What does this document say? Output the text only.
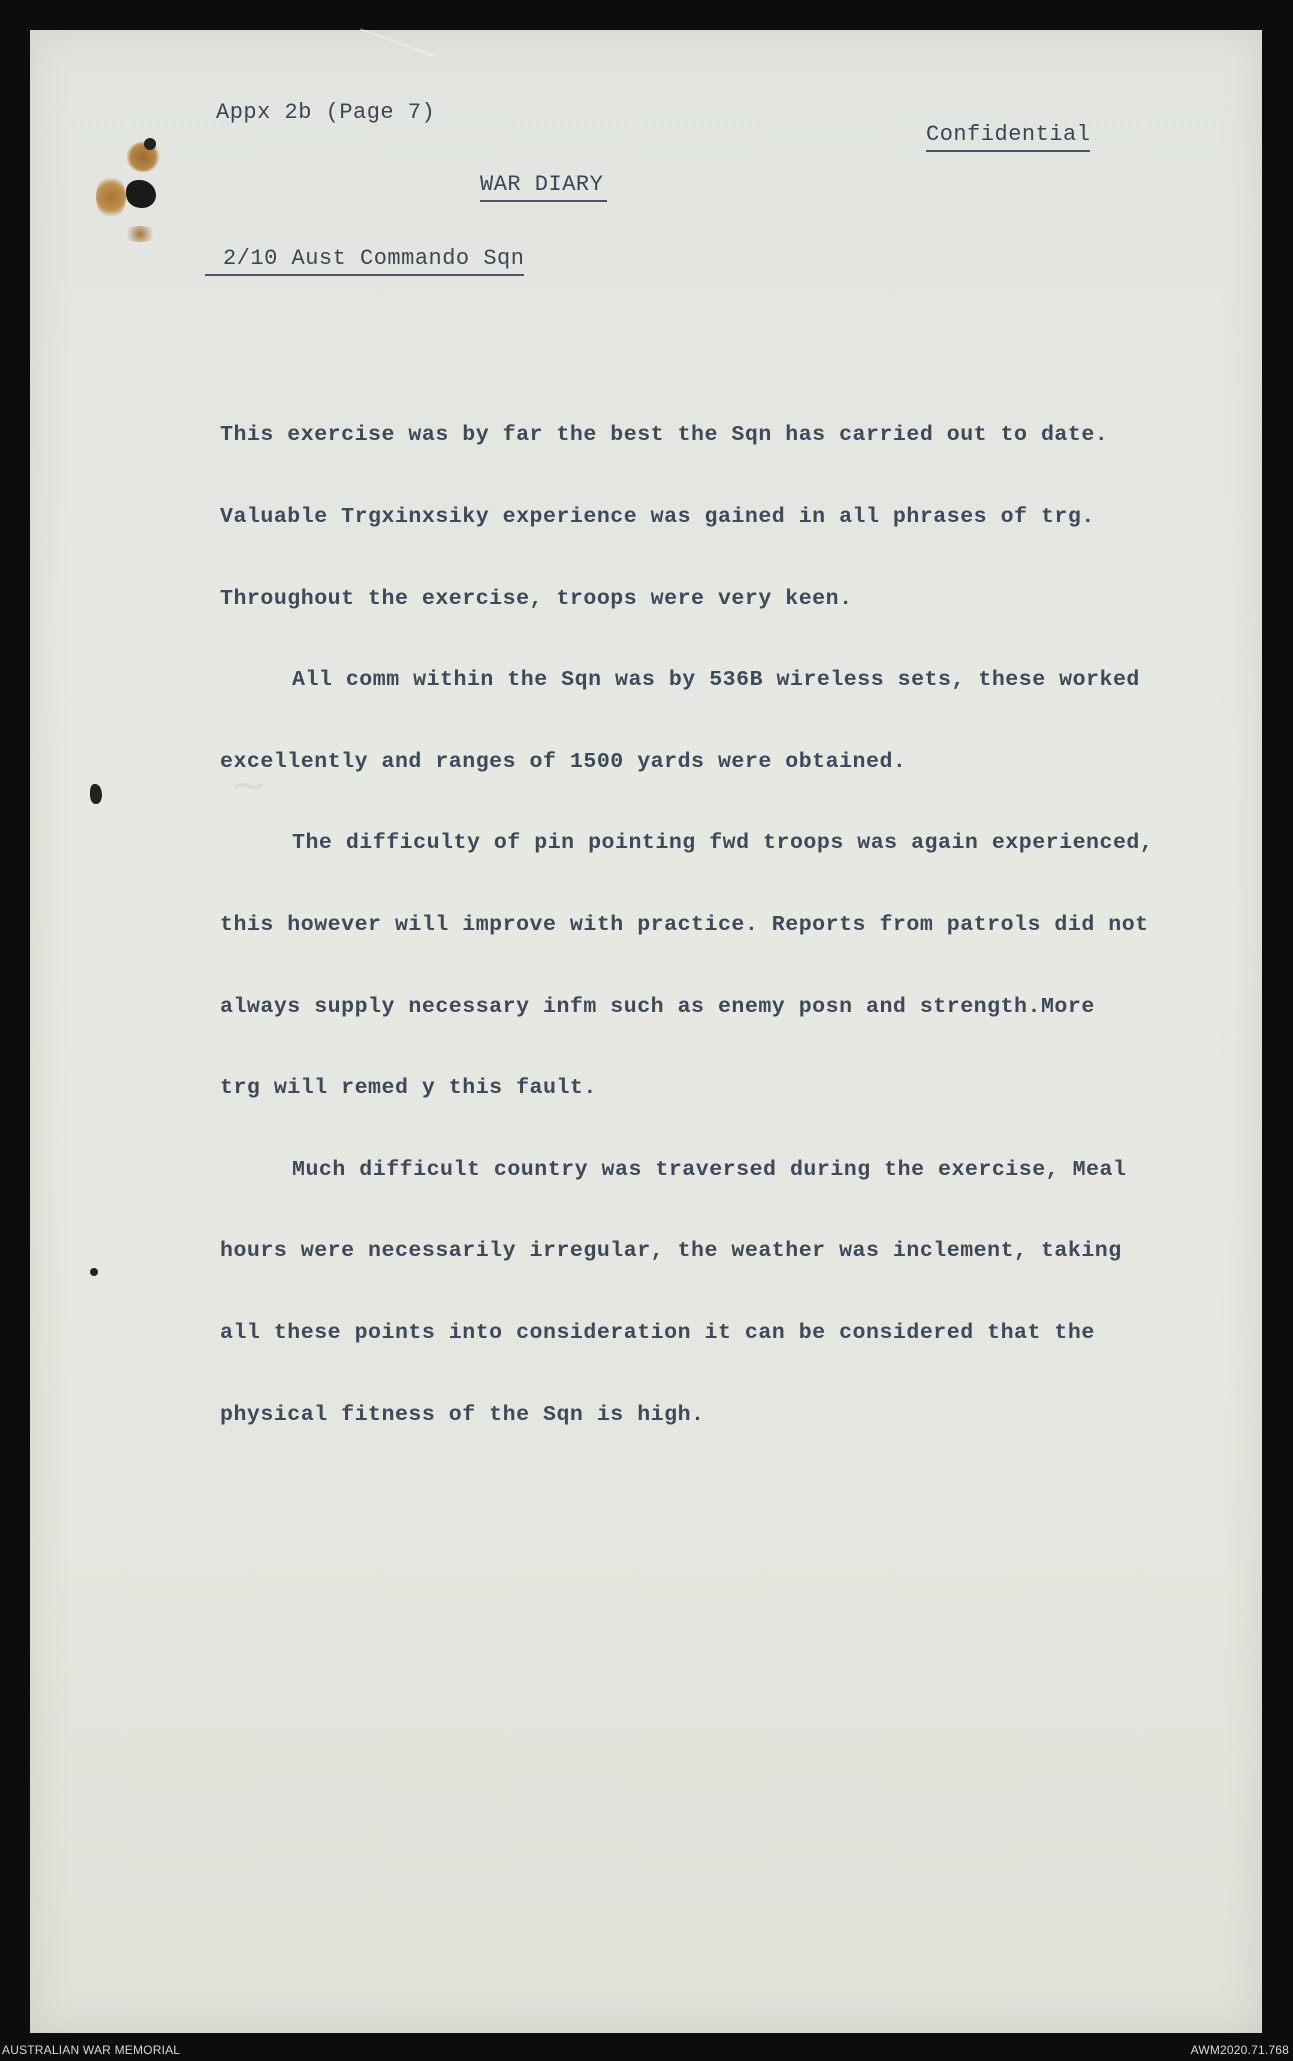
~
Appx 2b (Page 7)
Confidential
WAR DIARY
2/10 Aust Commando Sqn

This exercise was by far the best the Sqn has carried out to date.

Valuable Trgxinxsiky experience was gained in all phrases of trg.

Throughout the exercise, troops were very keen.

All comm within the Sqn was by 536B wireless sets, these worked

excellently and ranges of 1500 yards were obtained.

The difficulty of pin pointing fwd troops was again experienced,

this however will improve with practice. Reports from patrols did not

always supply necessary infm such as enemy posn and strength.More

trg will remed y this fault.

Much difficult country was traversed during the exercise, Meal

hours were necessarily irregular, the weather was inclement, taking

all these points into consideration it can be considered that the

physical fitness of the Sqn is high.

AUSTRALIAN WAR MEMORIAL	AWM2020.71.768
